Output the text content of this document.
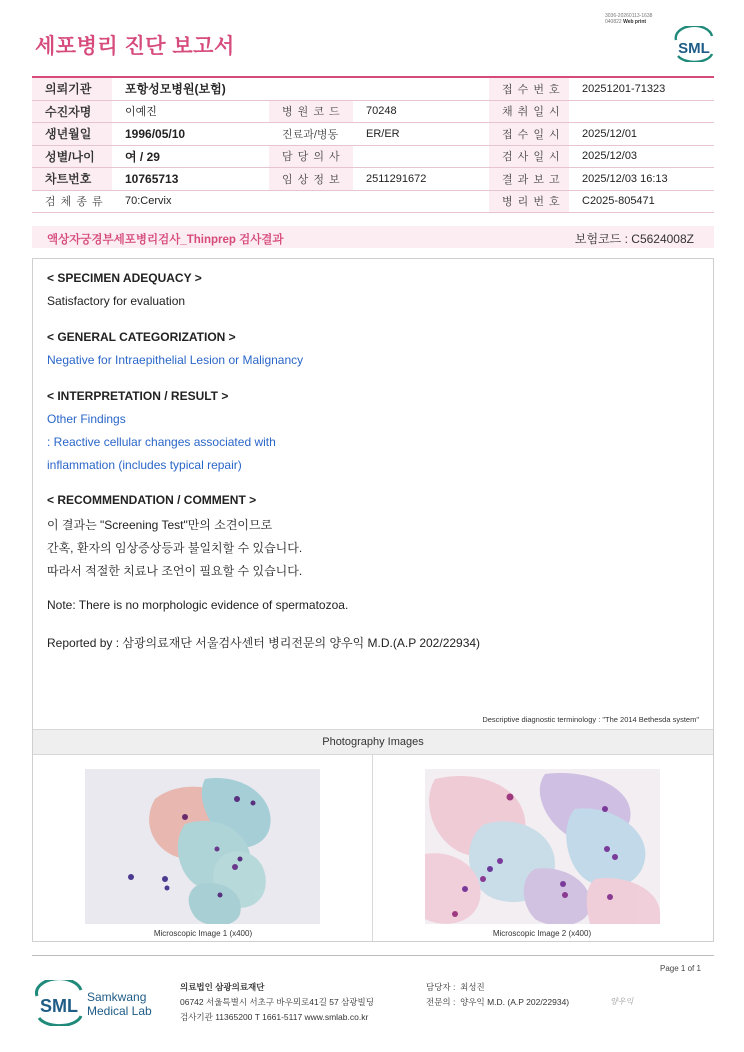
3036-20260113-1638
040822 Web print
세포병리 진단 보고서	SML
의뢰기관	포항성모병원(보험)			접 수 번 호	20251201-71323
수진자명	이예진	병 원 코 드	70248	채 취 일 시	
생년월일	1996/05/10	진료과/병동	ER/ER	접 수 일 시	2025/12/01
성별/나이	여 / 29	담 당 의 사		검 사 일 시	2025/12/03
차트번호	10765713	임 상 정 보	2511291672	결 과 보 고	2025/12/03 16:13
검 체 종 류	70:Cervix			병 리 번 호	C2025-805471
액상자궁경부세포병리검사_Thinprep 검사결과	보험코드 : C5624008Z
< SPECIMEN ADEQUACY >
Satisfactory for evaluation
< GENERAL CATEGORIZATION >
Negative for Intraepithelial Lesion or Malignancy
< INTERPRETATION / RESULT >
Other Findings
: Reactive cellular changes associated with
inflammation (includes typical repair)
< RECOMMENDATION / COMMENT >
이 결과는 "Screening Test"만의 소견이므로
간혹, 환자의 임상증상등과 불일치할 수 있습니다.
따라서 적절한 치료나 조언이 필요할 수 있습니다.
Note: There is no morphologic evidence of spermatozoa.
Reported by : 삼광의료재단 서울검사센터 병리전문의 양우익 M.D.(A.P 202/22934)
Descriptive diagnostic terminology : "The 2014 Bethesda system"
Photography Images
Microscopic Image 1 (x400)	Microscopic Image 2 (x400)
Page 1 of 1
SML Samkwang
Medical Lab
의료법인 삼광의료재단
06742 서울특별시 서초구 바우뫼로41길 57 삼광빌딩
검사기관 11365200 T 1661-5117 www.smlab.co.kr
담당자 : 최성진
전문의 : 양우익 M.D. (A.P 202/22934)	양우익
